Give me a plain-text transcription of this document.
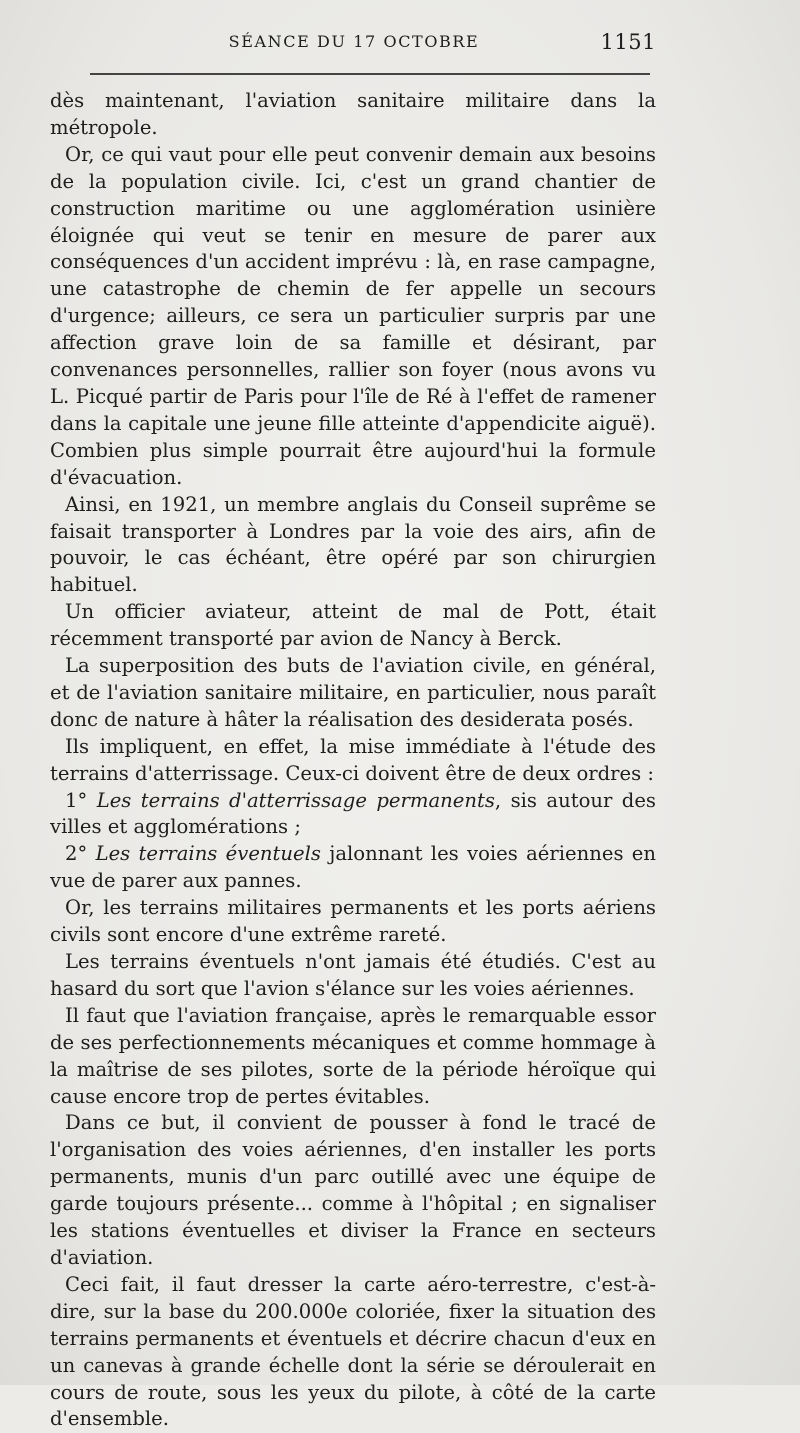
SÉANCE DU 17 OCTOBRE	1151

dès maintenant, l'aviation sanitaire militaire dans la métropole.

Or, ce qui vaut pour elle peut convenir demain aux besoins de la population civile. Ici, c'est un grand chantier de construction maritime ou une agglomération usinière éloignée qui veut se tenir en mesure de parer aux conséquences d'un accident imprévu : là, en rase campagne, une catastrophe de chemin de fer appelle un secours d'urgence; ailleurs, ce sera un particulier surpris par une affection grave loin de sa famille et désirant, par convenances personnelles, rallier son foyer (nous avons vu L. Picqué partir de Paris pour l'île de Ré à l'effet de ramener dans la capitale une jeune fille atteinte d'appendicite aiguë). Combien plus simple pourrait être aujourd'hui la formule d'évacuation.

Ainsi, en 1921, un membre anglais du Conseil suprême se faisait transporter à Londres par la voie des airs, afin de pouvoir, le cas échéant, être opéré par son chirurgien habituel.

Un officier aviateur, atteint de mal de Pott, était récemment transporté par avion de Nancy à Berck.

La superposition des buts de l'aviation civile, en général, et de l'aviation sanitaire militaire, en particulier, nous paraît donc de nature à hâter la réalisation des desiderata posés.

Ils impliquent, en effet, la mise immédiate à l'étude des terrains d'atterrissage. Ceux-ci doivent être de deux ordres :

1° Les terrains d'atterrissage permanents, sis autour des villes et agglomérations ;

2° Les terrains éventuels jalonnant les voies aériennes en vue de parer aux pannes.

Or, les terrains militaires permanents et les ports aériens civils sont encore d'une extrême rareté.

Les terrains éventuels n'ont jamais été étudiés. C'est au hasard du sort que l'avion s'élance sur les voies aériennes.

Il faut que l'aviation française, après le remarquable essor de ses perfectionnements mécaniques et comme hommage à la maîtrise de ses pilotes, sorte de la période héroïque qui cause encore trop de pertes évitables.

Dans ce but, il convient de pousser à fond le tracé de l'organisation des voies aériennes, d'en installer les ports permanents, munis d'un parc outillé avec une équipe de garde toujours présente... comme à l'hôpital ; en signaliser les stations éventuelles et diviser la France en secteurs d'aviation.

Ceci fait, il faut dresser la carte aéro-terrestre, c'est-à-dire, sur la base du 200.000e coloriée, fixer la situation des terrains permanents et éventuels et décrire chacun d'eux en un canevas à grande échelle dont la série se déroulerait en cours de route, sous les yeux du pilote, à côté de la carte d'ensemble.
